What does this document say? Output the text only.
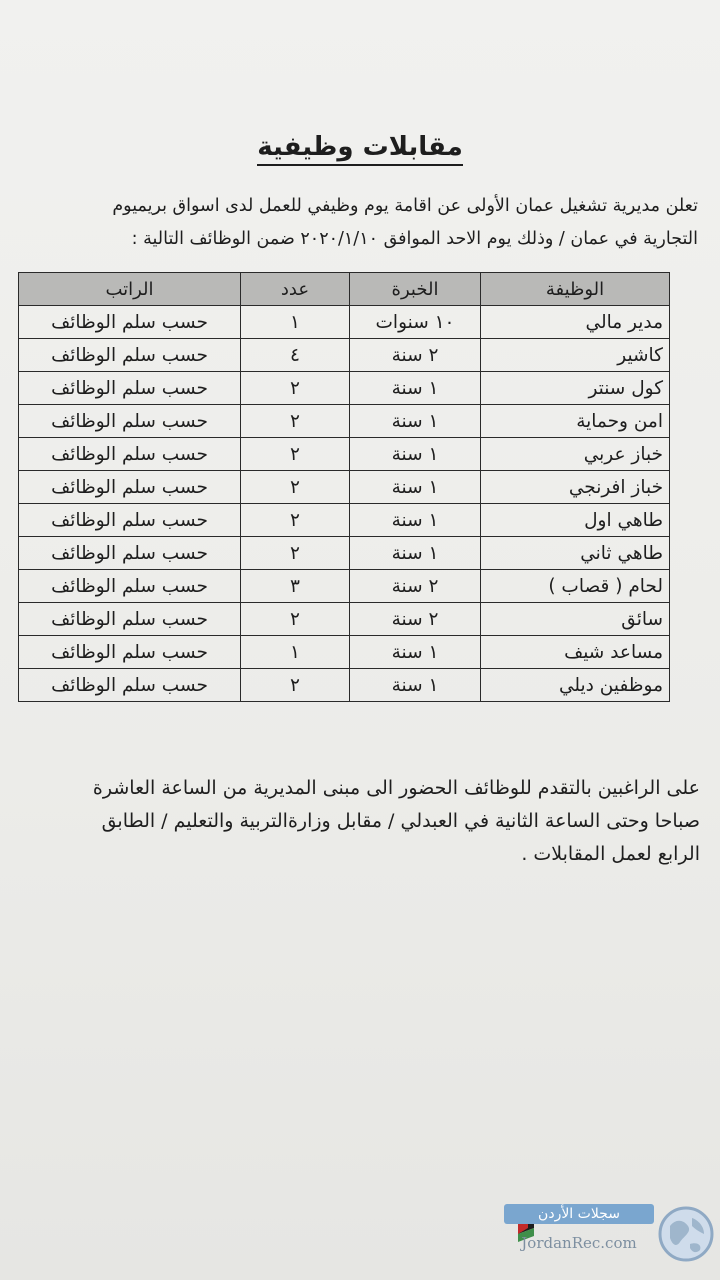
مقابلات وظيفية
تعلن مديرية تشغيل عمان الأولى عن اقامة يوم وظيفي للعمل لدى اسواق بريميوم
التجارية في عمان / وذلك يوم الاحد الموافق ٢٠٢٠/١/١٠ ضمن الوظائف التالية :
الوظيفة	الخبرة	عدد	الراتب
مدير مالي	١٠ سنوات	١	حسب سلم الوظائف
كاشير	٢ سنة	٤	حسب سلم الوظائف
كول سنتر	١ سنة	٢	حسب سلم الوظائف
امن وحماية	١ سنة	٢	حسب سلم الوظائف
خباز عربي	١ سنة	٢	حسب سلم الوظائف
خباز افرنجي	١ سنة	٢	حسب سلم الوظائف
طاهي اول	١ سنة	٢	حسب سلم الوظائف
طاهي ثاني	١ سنة	٢	حسب سلم الوظائف
لحام ( قصاب )	٢ سنة	٣	حسب سلم الوظائف
سائق	٢ سنة	٢	حسب سلم الوظائف
مساعد شيف	١ سنة	١	حسب سلم الوظائف
موظفين ديلي	١ سنة	٢	حسب سلم الوظائف
على الراغبين بالتقدم للوظائف الحضور الى مبنى المديرية من الساعة العاشرة
صباحا وحتى الساعة الثانية في العبدلي / مقابل وزارةالتربية والتعليم / الطابق
الرابع لعمل المقابلات .
سجلات الأردن
JordanRec.com
